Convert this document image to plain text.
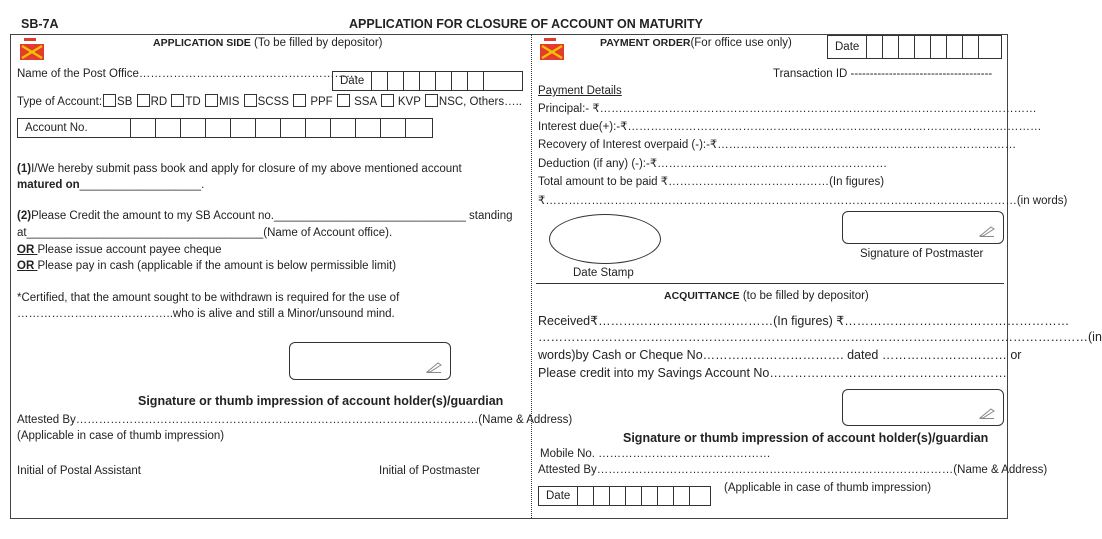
SB-7A	APPLICATION FOR CLOSURE OF ACCOUNT ON MATURITY
APPLICATION SIDE (To be filled by depositor)
Name of the Post Office…………………………………………………
Date
Type of Account: SB RD TD MIS SCSS  PPF  SSA  KVP NSC, Others…..
Account No.
(1)I/We hereby submit pass book and apply for closure of my above mentioned account
matured on___________________.
(2)Please Credit the amount to my SB Account no.______________________________ standing
at_____________________________________(Name of Account office).
OR Please issue account payee cheque
OR Please pay in cash (applicable if the amount is below permissible limit)
*Certified, that the amount sought to be withdrawn is required for the use of
…………………………………..who is alive and still a Minor/unsound mind.
Signature or thumb impression of account holder(s)/guardian
Attested By……………………………………………………………………………………………(Name & Address)
(Applicable in case of thumb impression)
Initial of Postal Assistant	Initial of Postmaster
PAYMENT ORDER(For office use only)	Date
Transaction ID -------------------------------------
Payment Details
Principal:- ₹……………………………………………………………………………………………………
Interest due(+):-₹………………………………………………………………………………………………
Recovery of Interest overpaid (-):-₹……………………………………………………………………
Deduction (if any) (-):-₹……………………………………………………
Total amount to be paid ₹……………………………………(In figures)
₹……………………………………………………………………………………………………………(in words)
Date Stamp
Signature of Postmaster
ACQUITTANCE (to be filled by depositor)
Received₹……………………………………(In figures) ₹………………………………………………
……………………………………………………………………………………………………………………(in
words)by Cash or Cheque No……………………………. dated ………………………… or
Please credit into my Savings Account No…………………………………………………
Signature or thumb impression of account holder(s)/guardian
Mobile No. ………………………………………
Attested By…………………………………………………………………………………(Name & Address)
Date
(Applicable in case of thumb impression)
